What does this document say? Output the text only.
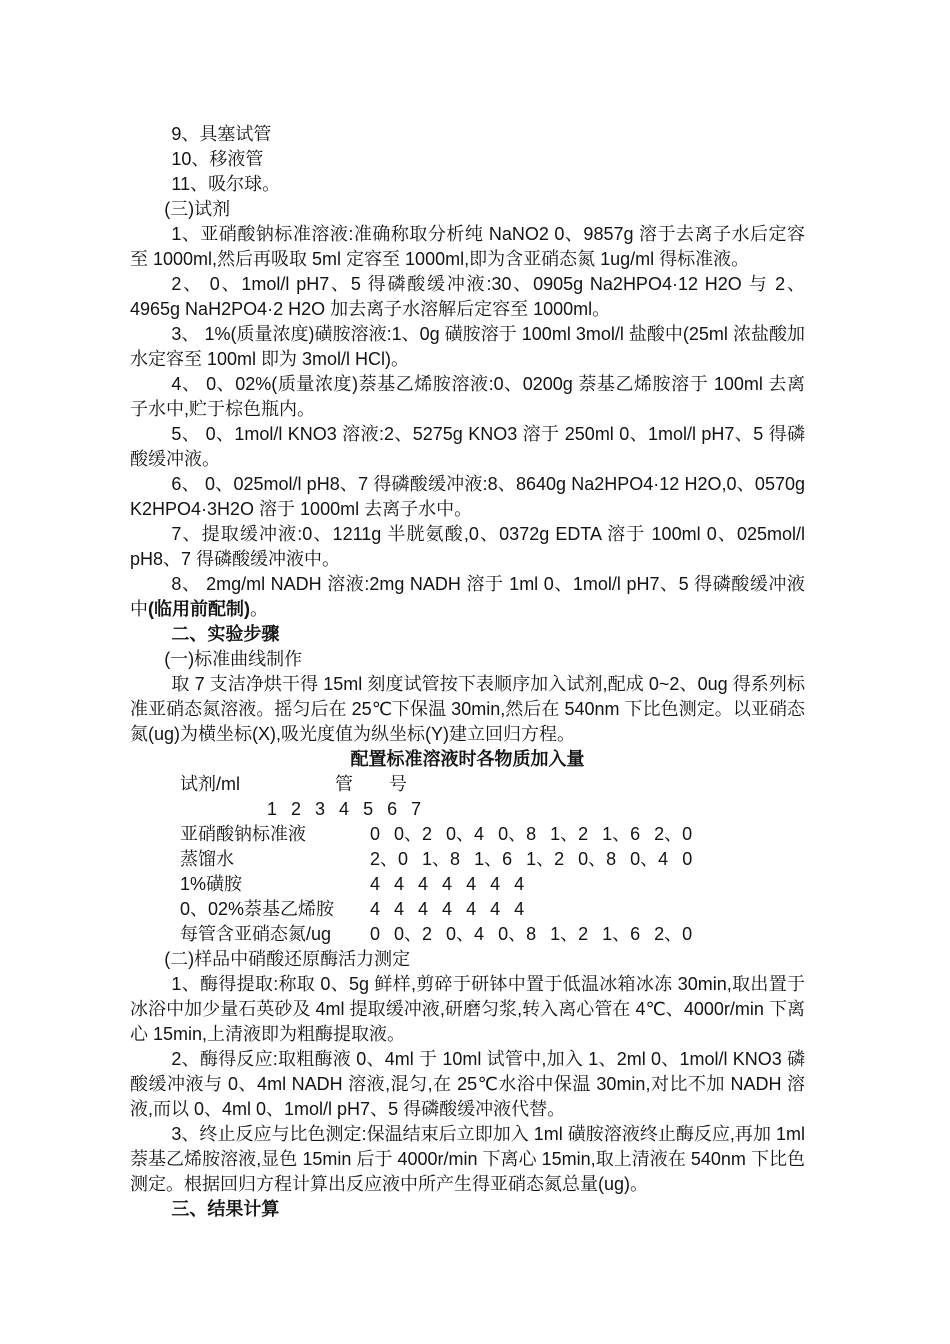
9、具塞试管

10、移液管

11、吸尔球。

(三)试剂

1、亚硝酸钠标准溶液:准确称取分析纯 NaNO2 0、9857g 溶于去离子水后定容至 1000ml,然后再吸取 5ml 定容至 1000ml,即为含亚硝态氮 1ug/ml 得标准液。

2、 0、1mol/l pH7、5 得磷酸缓冲液:30、0905g Na2HPO4·12 H2O 与 2、4965g NaH2PO4·2 H2O 加去离子水溶解后定容至 1000ml。

3、 1%(质量浓度)磺胺溶液:1、0g 磺胺溶于 100ml 3mol/l 盐酸中(25ml 浓盐酸加水定容至 100ml 即为 3mol/l HCl)。

4、 0、02%(质量浓度)萘基乙烯胺溶液:0、0200g 萘基乙烯胺溶于 100ml 去离子水中,贮于棕色瓶内。

5、 0、1mol/l KNO3 溶液:2、5275g KNO3 溶于 250ml 0、1mol/l pH7、5 得磷酸缓冲液。

6、 0、025mol/l pH8、7 得磷酸缓冲液:8、8640g Na2HPO4·12 H2O,0、0570g K2HPO4·3H2O 溶于 1000ml 去离子水中。

7、提取缓冲液:0、1211g 半胱氨酸,0、0372g EDTA 溶于 100ml 0、025mol/l pH8、7 得磷酸缓冲液中。

8、 2mg/ml NADH 溶液:2mg NADH 溶于 1ml 0、1mol/l pH7、5 得磷酸缓冲液中(临用前配制)。

二、实验步骤

(一)标准曲线制作

取 7 支洁净烘干得 15ml 刻度试管按下表顺序加入试剂,配成 0~2、0ug 得系列标准亚硝态氮溶液。摇匀后在 25℃下保温 30min,然后在 540nm 下比色测定。以亚硝态氮(ug)为横坐标(X),吸光度值为纵坐标(Y)建立回归方程。

配置标准溶液时各物质加入量

试剂/ml	管　　号

1 2 3 4 5 6 7

亚硝酸钠标准液	0 0、2 0、4 0、8 1、2 1、6 2、0

蒸馏水	2、0 1、8 1、6 1、2 0、8 0、4 0

1%磺胺	4 4 4 4 4 4 4

0、02%萘基乙烯胺 4 4 4 4 4 4 4

每管含亚硝态氮/ug 0 0、2 0、4 0、8 1、2 1、6 2、0

(二)样品中硝酸还原酶活力测定

1、酶得提取:称取 0、5g 鲜样,剪碎于研钵中置于低温冰箱冰冻 30min,取出置于冰浴中加少量石英砂及 4ml 提取缓冲液,研磨匀浆,转入离心管在 4℃、4000r/min 下离心 15min,上清液即为粗酶提取液。

2、酶得反应:取粗酶液 0、4ml 于 10ml 试管中,加入 1、2ml 0、1mol/l KNO3 磷酸缓冲液与 0、4ml NADH 溶液,混匀,在 25℃水浴中保温 30min,对比不加 NADH 溶液,而以 0、4ml 0、1mol/l pH7、5 得磷酸缓冲液代替。

3、终止反应与比色测定:保温结束后立即加入 1ml 磺胺溶液终止酶反应,再加 1ml 萘基乙烯胺溶液,显色 15min 后于 4000r/min 下离心 15min,取上清液在 540nm 下比色测定。根据回归方程计算出反应液中所产生得亚硝态氮总量(ug)。

三、结果计算
